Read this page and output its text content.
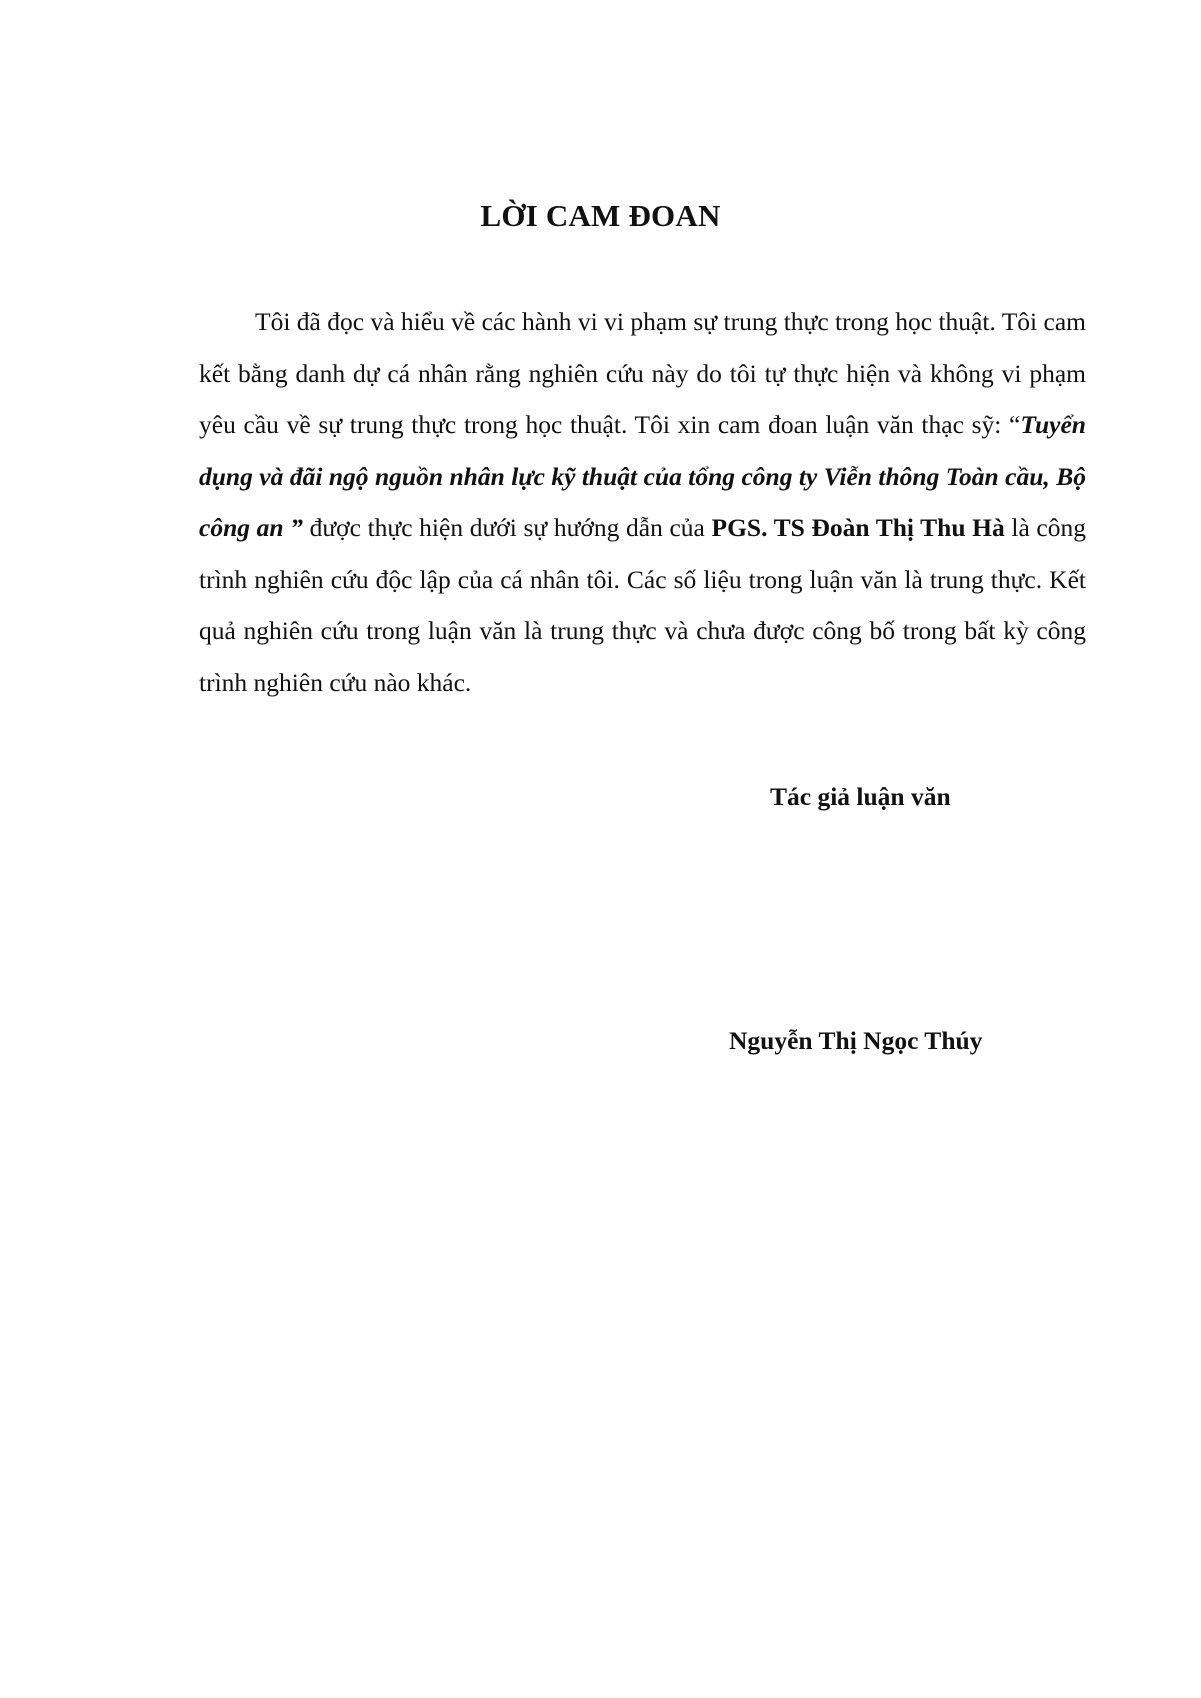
LỜI CAM ĐOAN

Tôi đã đọc và hiểu về các hành vi vi phạm sự trung thực trong học thuật. Tôi cam kết bằng danh dự cá nhân rằng nghiên cứu này do tôi tự thực hiện và không vi phạm yêu cầu về sự trung thực trong học thuật. Tôi xin cam đoan luận văn thạc sỹ: “Tuyển dụng và đãi ngộ nguồn nhân lực kỹ thuật của tổng công ty Viễn thông Toàn cầu, Bộ công an ” được thực hiện dưới sự hướng dẫn của PGS. TS Đoàn Thị Thu Hà là công trình nghiên cứu độc lập của cá nhân tôi. Các số liệu trong luận văn là trung thực. Kết quả nghiên cứu trong luận văn là trung thực và chưa được công bố trong bất kỳ công trình nghiên cứu nào khác.

Tác giả luận văn

Nguyễn Thị Ngọc Thúy
